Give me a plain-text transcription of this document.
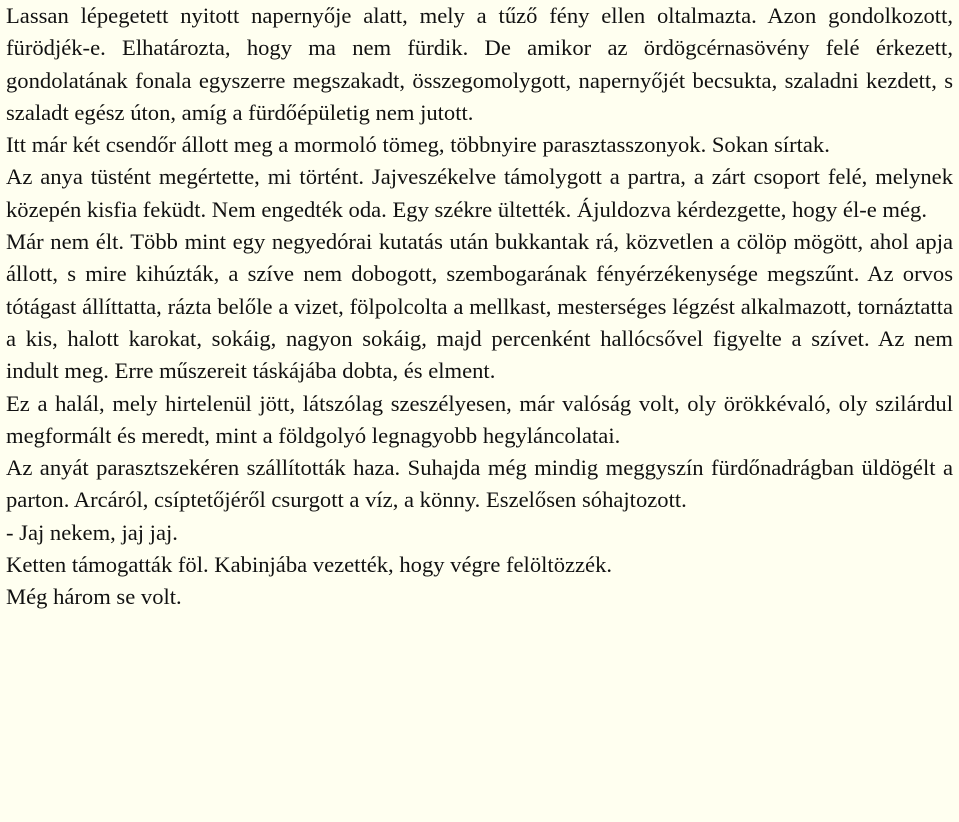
Lassan lépegetett nyitott napernyője alatt, mely a tűző fény ellen oltalmazta. Azon gondolkozott, fürödjék-e. Elhatározta, hogy ma nem fürdik. De amikor az ördögcérnasövény felé érkezett, gondolatának fonala egyszerre megszakadt, összegomolygott, napernyőjét becsukta, szaladni kezdett, s szaladt egész úton, amíg a fürdőépületig nem jutott.

Itt már két csendőr állott meg a mormoló tömeg, többnyire parasztasszonyok. Sokan sírtak.

Az anya tüstént megértette, mi történt. Jajveszékelve támolygott a partra, a zárt csoport felé, melynek közepén kisfia feküdt. Nem engedték oda. Egy székre ültették. Ájuldozva kérdezgette, hogy él-e még.

Már nem élt. Több mint egy negyedórai kutatás után bukkantak rá, közvetlen a cölöp mögött, ahol apja állott, s mire kihúzták, a szíve nem dobogott, szembogarának fényérzékenysége megszűnt. Az orvos tótágast állíttatta, rázta belőle a vizet, fölpolcolta a mellkast, mesterséges légzést alkalmazott, tornáztatta a kis, halott karokat, sokáig, nagyon sokáig, majd percenként hallócsővel figyelte a szívet. Az nem indult meg. Erre műszereit táskájába dobta, és elment.

Ez a halál, mely hirtelenül jött, látszólag szeszélyesen, már valóság volt, oly örökkévaló, oly szilárdul megformált és meredt, mint a földgolyó legnagyobb hegyláncolatai.

Az anyát parasztszekéren szállították haza. Suhajda még mindig meggyszín fürdőnadrágban üldögélt a parton. Arcáról, csíptetőjéről csurgott a víz, a könny. Eszelősen sóhajtozott.

- Jaj nekem, jaj jaj.

Ketten támogatták föl. Kabinjába vezették, hogy végre felöltözzék.

Még három se volt.
